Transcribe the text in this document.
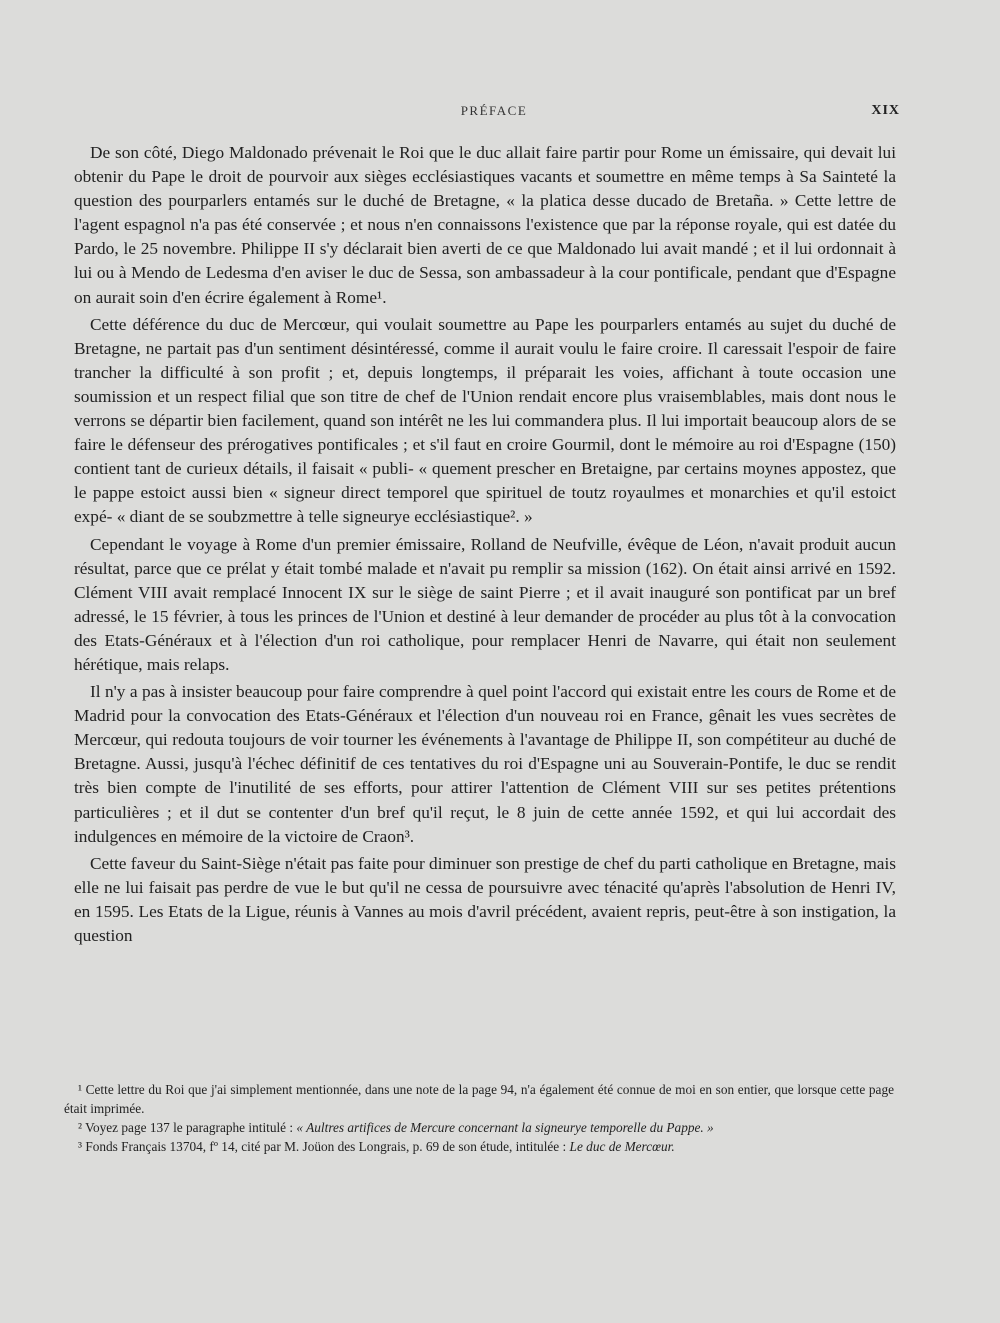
PRÉFACE	XIX

De son côté, Diego Maldonado prévenait le Roi que le duc allait faire partir pour Rome un émissaire, qui devait lui obtenir du Pape le droit de pourvoir aux sièges ecclésiastiques vacants et soumettre en même temps à Sa Sainteté la question des pourparlers entamés sur le duché de Bretagne, « la platica desse ducado de Bretaña. » Cette lettre de l'agent espagnol n'a pas été conservée ; et nous n'en connaissons l'existence que par la réponse royale, qui est datée du Pardo, le 25 novembre. Philippe II s'y déclarait bien averti de ce que Maldonado lui avait mandé ; et il lui ordonnait à lui ou à Mendo de Ledesma d'en aviser le duc de Sessa, son ambassadeur à la cour pontificale, pendant que d'Espagne on aurait soin d'en écrire également à Rome¹.

Cette déférence du duc de Mercœur, qui voulait soumettre au Pape les pourparlers entamés au sujet du duché de Bretagne, ne partait pas d'un sentiment désintéressé, comme il aurait voulu le faire croire. Il caressait l'espoir de faire trancher la difficulté à son profit ; et, depuis longtemps, il préparait les voies, affichant à toute occasion une soumission et un respect filial que son titre de chef de l'Union rendait encore plus vraisemblables, mais dont nous le verrons se départir bien facilement, quand son intérêt ne les lui commandera plus. Il lui importait beaucoup alors de se faire le défenseur des prérogatives pontificales ; et s'il faut en croire Gourmil, dont le mémoire au roi d'Espagne (150) contient tant de curieux détails, il faisait « publi- « quement prescher en Bretaigne, par certains moynes appostez, que le pappe estoict aussi bien « signeur direct temporel que spirituel de toutz royaulmes et monarchies et qu'il estoict expé- « diant de se soubzmettre à telle signeurye ecclésiastique². »

Cependant le voyage à Rome d'un premier émissaire, Rolland de Neufville, évêque de Léon, n'avait produit aucun résultat, parce que ce prélat y était tombé malade et n'avait pu remplir sa mission (162). On était ainsi arrivé en 1592. Clément VIII avait remplacé Innocent IX sur le siège de saint Pierre ; et il avait inauguré son pontificat par un bref adressé, le 15 février, à tous les princes de l'Union et destiné à leur demander de procéder au plus tôt à la convocation des Etats-Généraux et à l'élection d'un roi catholique, pour remplacer Henri de Navarre, qui était non seulement hérétique, mais relaps.

Il n'y a pas à insister beaucoup pour faire comprendre à quel point l'accord qui existait entre les cours de Rome et de Madrid pour la convocation des Etats-Généraux et l'élection d'un nouveau roi en France, gênait les vues secrètes de Mercœur, qui redouta toujours de voir tourner les événements à l'avantage de Philippe II, son compétiteur au duché de Bretagne. Aussi, jusqu'à l'échec définitif de ces tentatives du roi d'Espagne uni au Souverain-Pontife, le duc se rendit très bien compte de l'inutilité de ses efforts, pour attirer l'attention de Clément VIII sur ses petites prétentions particulières ; et il dut se contenter d'un bref qu'il reçut, le 8 juin de cette année 1592, et qui lui accordait des indulgences en mémoire de la victoire de Craon³.

Cette faveur du Saint-Siège n'était pas faite pour diminuer son prestige de chef du parti catholique en Bretagne, mais elle ne lui faisait pas perdre de vue le but qu'il ne cessa de poursuivre avec ténacité qu'après l'absolution de Henri IV, en 1595. Les Etats de la Ligue, réunis à Vannes au mois d'avril précédent, avaient repris, peut-être à son instigation, la question

¹ Cette lettre du Roi que j'ai simplement mentionnée, dans une note de la page 94, n'a également été connue de moi en son entier, que lorsque cette page était imprimée.

² Voyez page 137 le paragraphe intitulé : « Aultres artifices de Mercure concernant la signeurye temporelle du Pappe. »

³ Fonds Français 13704, fº 14, cité par M. Joüon des Longrais, p. 69 de son étude, intitulée : Le duc de Mercœur.
